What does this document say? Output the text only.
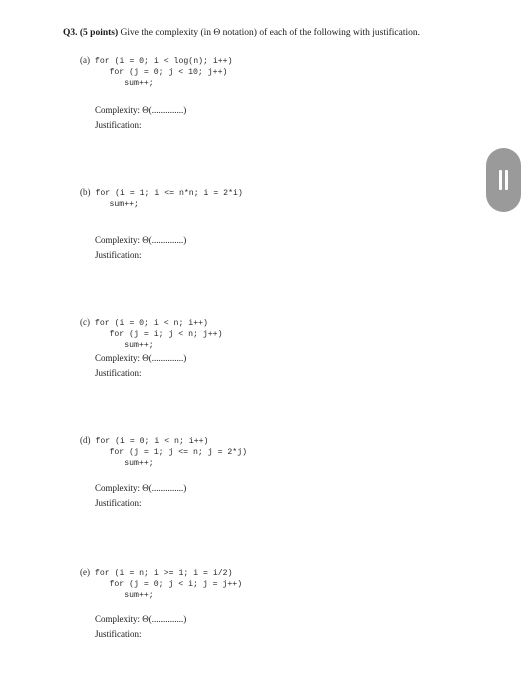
Q3. (5 points) Give the complexity (in Θ notation) of each of the following with justification.
(a) for (i = 0; i < log(n); i++)
for (j = 0; j < 10; j++)
sum++;
Complexity: Θ(..............)
Justification:
(b) for (i = 1; i <= n*n; i = 2*i)
sum++;
Complexity: Θ(..............)
Justification:
(c) for (i = 0; i < n; i++)
for (j = i; j < n; j++)
sum++;
Complexity: Θ(..............)
Justification:
(d) for (i = 0; i < n; i++)
for (j = 1; j <= n; j = 2*j)
sum++;
Complexity: Θ(..............)
Justification:
(e) for (i = n; i >= 1; i = i/2)
for (j = 0; j < i; j = j++)
sum++;
Complexity: Θ(..............)
Justification:
